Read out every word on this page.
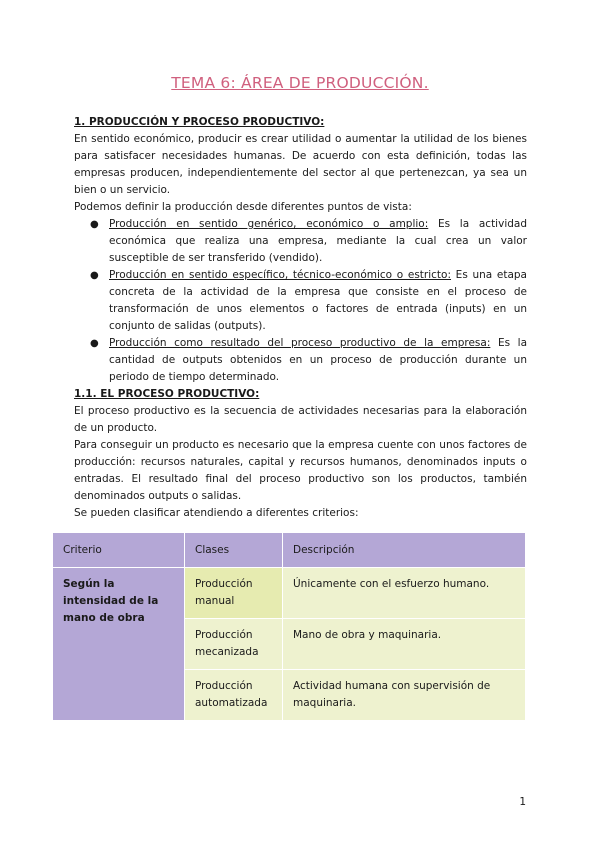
TEMA 6: ÁREA DE PRODUCCIÓN.

1. PRODUCCIÓN Y PROCESO PRODUCTIVO:

En sentido económico, producir es crear utilidad o aumentar la utilidad de los bienes para satisfacer necesidades humanas. De acuerdo con esta definición, todas las empresas producen, independientemente del sector al que pertenezcan, ya sea un bien o un servicio.

Podemos definir la producción desde diferentes puntos de vista:

● Producción en sentido genérico, económico o amplio: Es la actividad económica que realiza una empresa, mediante la cual crea un valor susceptible de ser transferido (vendido).
● Producción en sentido específico, técnico-económico o estricto: Es una etapa concreta de la actividad de la empresa que consiste en el proceso de transformación de unos elementos o factores de entrada (inputs) en un conjunto de salidas (outputs).
● Producción como resultado del proceso productivo de la empresa: Es la cantidad de outputs obtenidos en un proceso de producción durante un periodo de tiempo determinado.

1.1. EL PROCESO PRODUCTIVO:

El proceso productivo es la secuencia de actividades necesarias para la elaboración de un producto.

Para conseguir un producto es necesario que la empresa cuente con unos factores de producción: recursos naturales, capital y recursos humanos, denominados inputs o entradas. El resultado final del proceso productivo son los productos, también denominados outputs o salidas.

Se pueden clasificar atendiendo a diferentes criterios:

Criterio	Clases	Descripción
Según la intensidad de la mano de obra	Producción manual	Únicamente con el esfuerzo humano.
	Producción mecanizada	Mano de obra y maquinaria.
	Producción automatizada	Actividad humana con supervisión de maquinaria.
1
